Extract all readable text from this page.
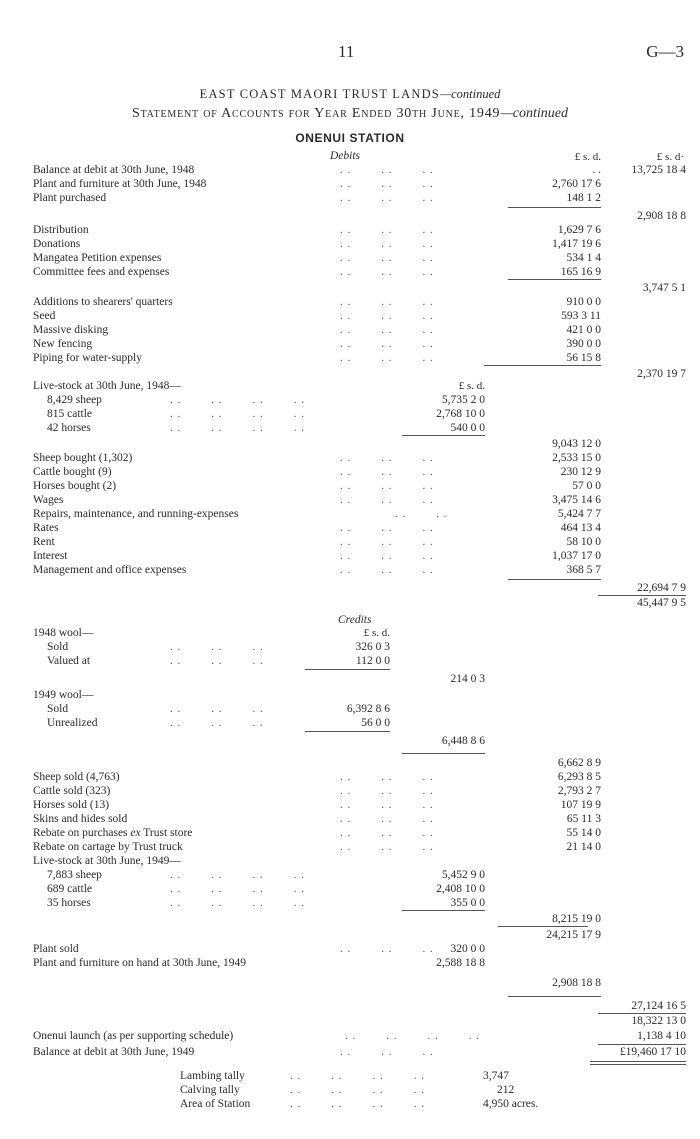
11	G—3
EAST COAST MAORI TRUST LANDS—continued
Statement of Accounts for Year Ended 30th June, 1949—continued
ONENUI STATION
Debits	£ s. d.	£ s. d·
Balance at debit at 30th June, 1948	. .	13,725 18 4
. .        . .        . .
Plant and furniture at 30th June, 1948	2,760 17 6
. .        . .        . .
Plant purchased	148 1 2
. .        . .        . .
2,908 18 8
Distribution	1,629 7 6
. .        . .        . .
Donations	1,417 19 6
. .        . .        . .
Mangatea Petition expenses	534 1 4
. .        . .        . .
Committee fees and expenses	165 16 9
. .        . .        . .
3,747 5 1
Additions to shearers' quarters	910 0 0
. .        . .        . .
Seed	593 3 11
. .        . .        . .
Massive disking	421 0 0
. .        . .        . .
New fencing	390 0 0
. .        . .        . .
Piping for water-supply	56 15 8
. .        . .        . .
2,370 19 7
Live-stock at 30th June, 1948—	£ s. d.
8,429 sheep	5,735 2 0
. .        . .        . .        . .
815 cattle	2,768 10 0
. .        . .        . .        . .
42 horses	540 0 0
. .        . .        . .        . .
9,043 12 0
Sheep bought (1,302)	2,533 15 0
. .        . .        . .
Cattle bought (9)	230 12 9
. .        . .        . .
Horses bought (2)	57 0 0
. .        . .        . .
Wages	3,475 14 6
. .        . .        . .
Repairs, maintenance, and running-expenses	5,424 7 7
. .        . .
Rates	464 13 4
. .        . .        . .
Rent	58 10 0
. .        . .        . .
Interest	1,037 17 0
. .        . .        . .
Management and office expenses	368 5 7
. .        . .        . .
22,694 7 9
45,447 9 5
Credits
1948 wool—	£ s. d.
Sold	326 0 3
. .        . .        . .
Valued at	112 0 0
. .        . .        . .
214 0 3
1949 wool—
Sold	6,392 8 6
. .        . .        . .
Unrealized	56 0 0
. .        . .        . .
6,448 8 6
6,662 8 9
Sheep sold (4,763)	6,293 8 5
. .        . .        . .
Cattle sold (323)	2,793 2 7
. .        . .        . .
Horses sold (13)	107 19 9
. .        . .        . .
Skins and hides sold	65 11 3
. .        . .        . .
Rebate on purchases ex Trust store	55 14 0
. .        . .        . .
Rebate on cartage by Trust truck	21 14 0
. .        . .        . .
Live-stock at 30th June, 1949—
7,883 sheep	5,452 9 0
. .        . .        . .        . .
689 cattle	2,408 10 0
. .        . .        . .        . .
35 horses	355 0 0
. .        . .        . .        . .
8,215 19 0
24,215 17 9
Plant sold	320 0 0
. .        . .        . .
Plant and furniture on hand at 30th June, 1949	2,588 18 8
2,908 18 8
27,124 16 5
18,322 13 0
Onenui launch (as per supporting schedule)	1,138 4 10
. .        . .        . .        . .
Balance at debit at 30th June, 1949	£19,460 17 10
. .        . .        . .
Lambing tally	3,747
Calving tally	212
Area of Station	4,950 acres.
. .        . .        . .        . .
. .        . .        . .        . .
. .        . .        . .        . .
